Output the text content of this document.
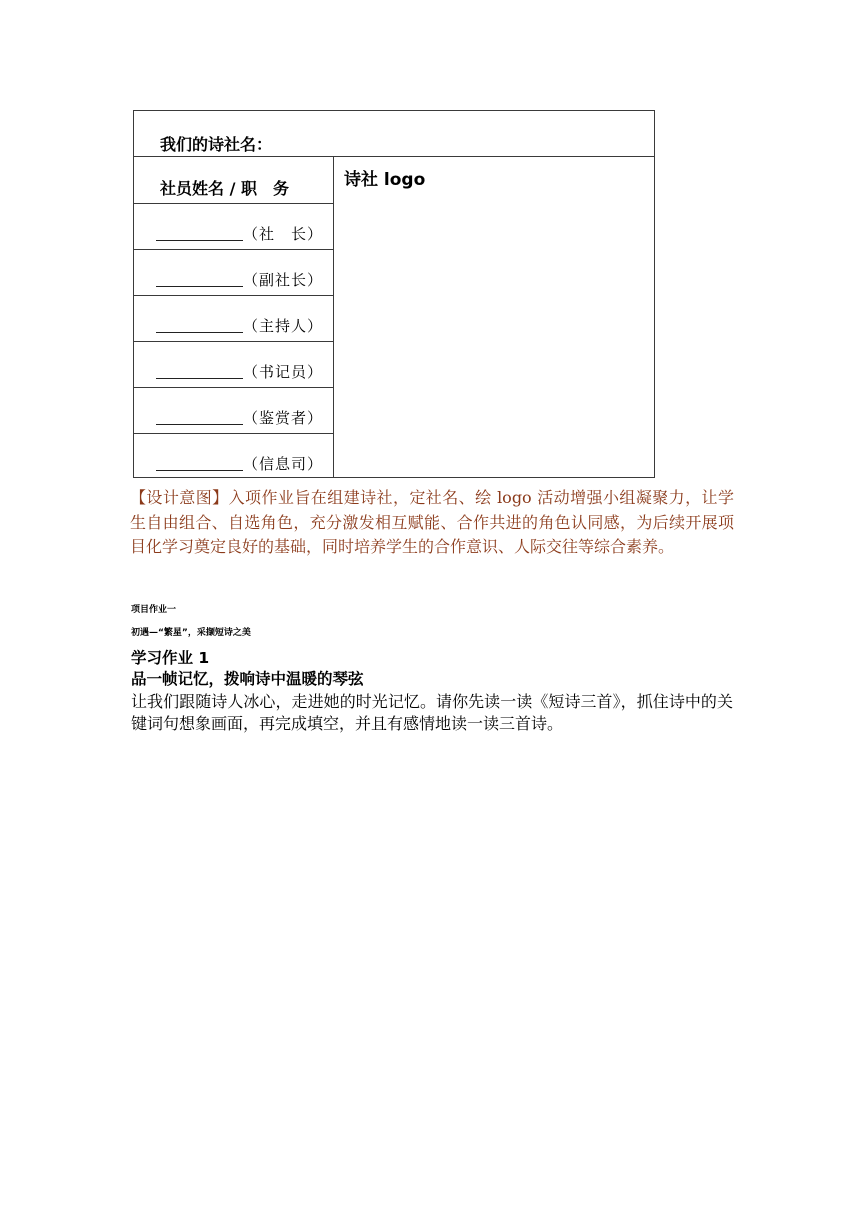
我们的诗社名：
社员姓名 / 职　务
（社　长）
（副社长）
（主持人）
（书记员）
（鉴赏者）
（信息司）
诗社 logo
【设计意图】入项作业旨在组建诗社，定社名、绘 logo 活动增强小组凝聚力，让学生自由组合、自选角色，充分激发相互赋能、合作共进的角色认同感，为后续开展项目化学习奠定良好的基础，同时培养学生的合作意识、人际交往等综合素养。
项目作业一
初遇—“繁星”，采撷短诗之美
学习作业 1
品一帧记忆，拨响诗中温暖的琴弦
让我们跟随诗人冰心，走进她的时光记忆。请你先读一读《短诗三首》，抓住诗中的关键词句想象画面，再完成填空，并且有感情地读一读三首诗。
